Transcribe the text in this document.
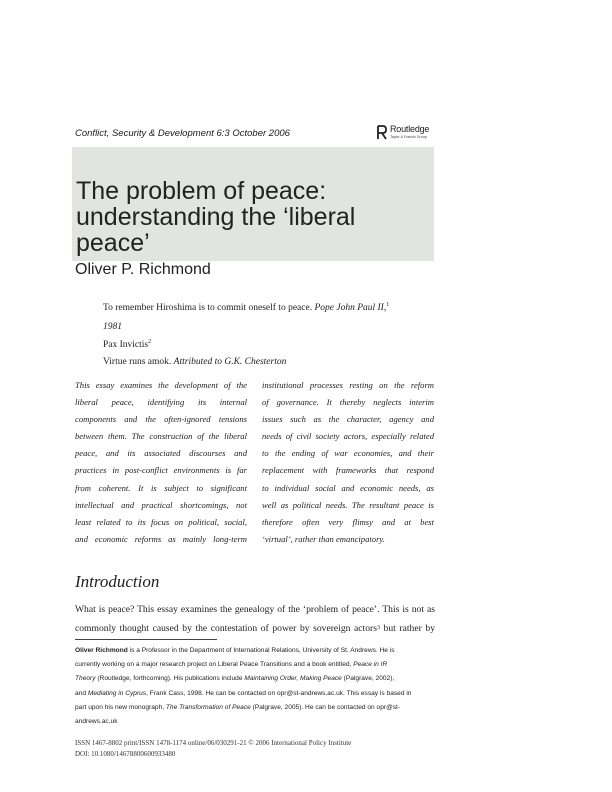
Conflict, Security & Development 6:3 October 2006	Routledge
Taylor & Francis Group
The problem of peace:
understanding the ‘liberal
peace’
Oliver P. Richmond
To remember Hiroshima is to commit oneself to peace. Pope John Paul II,$^1$
1981
Pax Invictis$^2$
Virtue runs amok. Attributed to G.K. Chesterton
This essay examines the development of the
liberal peace, identifying its internal
components and the often-ignored tensions
between them. The construction of the liberal
peace, and its associated discourses and
practices in post-conflict environments is far
from coherent. It is subject to significant
intellectual and practical shortcomings, not
least related to its focus on political, social,
and economic reforms as mainly long-term
institutional processes resting on the reform
of governance. It thereby neglects interim
issues such as the character, agency and
needs of civil society actors, especially related
to the ending of war economies, and their
replacement with frameworks that respond
to individual social and economic needs, as
well as political needs. The resultant peace is
therefore often very flimsy and at best
‘virtual’, rather than emancipatory.
Introduction
What is peace? This essay examines the genealogy of the ‘problem of peace’. This is not as
commonly thought caused by the contestation of power by sovereign actors$^3$ but rather by
Oliver Richmond is a Professor in the Department of International Relations, University of St. Andrews. He is
currently working on a major research project on Liberal Peace Transitions and a book entitled, Peace in IR
Theory (Routledge, forthcoming). His publications include Maintaining Order, Making Peace (Palgrave, 2002),
and Mediating in Cyprus, Frank Cass, 1998. He can be contacted on opr@st-andrews.ac.uk. This essay is based in
part upon his new monograph, The Transformation of Peace (Palgrave, 2005). He can be contacted on opr@st-
andrews.ac.uk
ISSN 1467-8802 print/ISSN 1478-1174 online/06/030291-21 © 2006 International Policy Institute
DOI: 10.1080/14678800600933480
